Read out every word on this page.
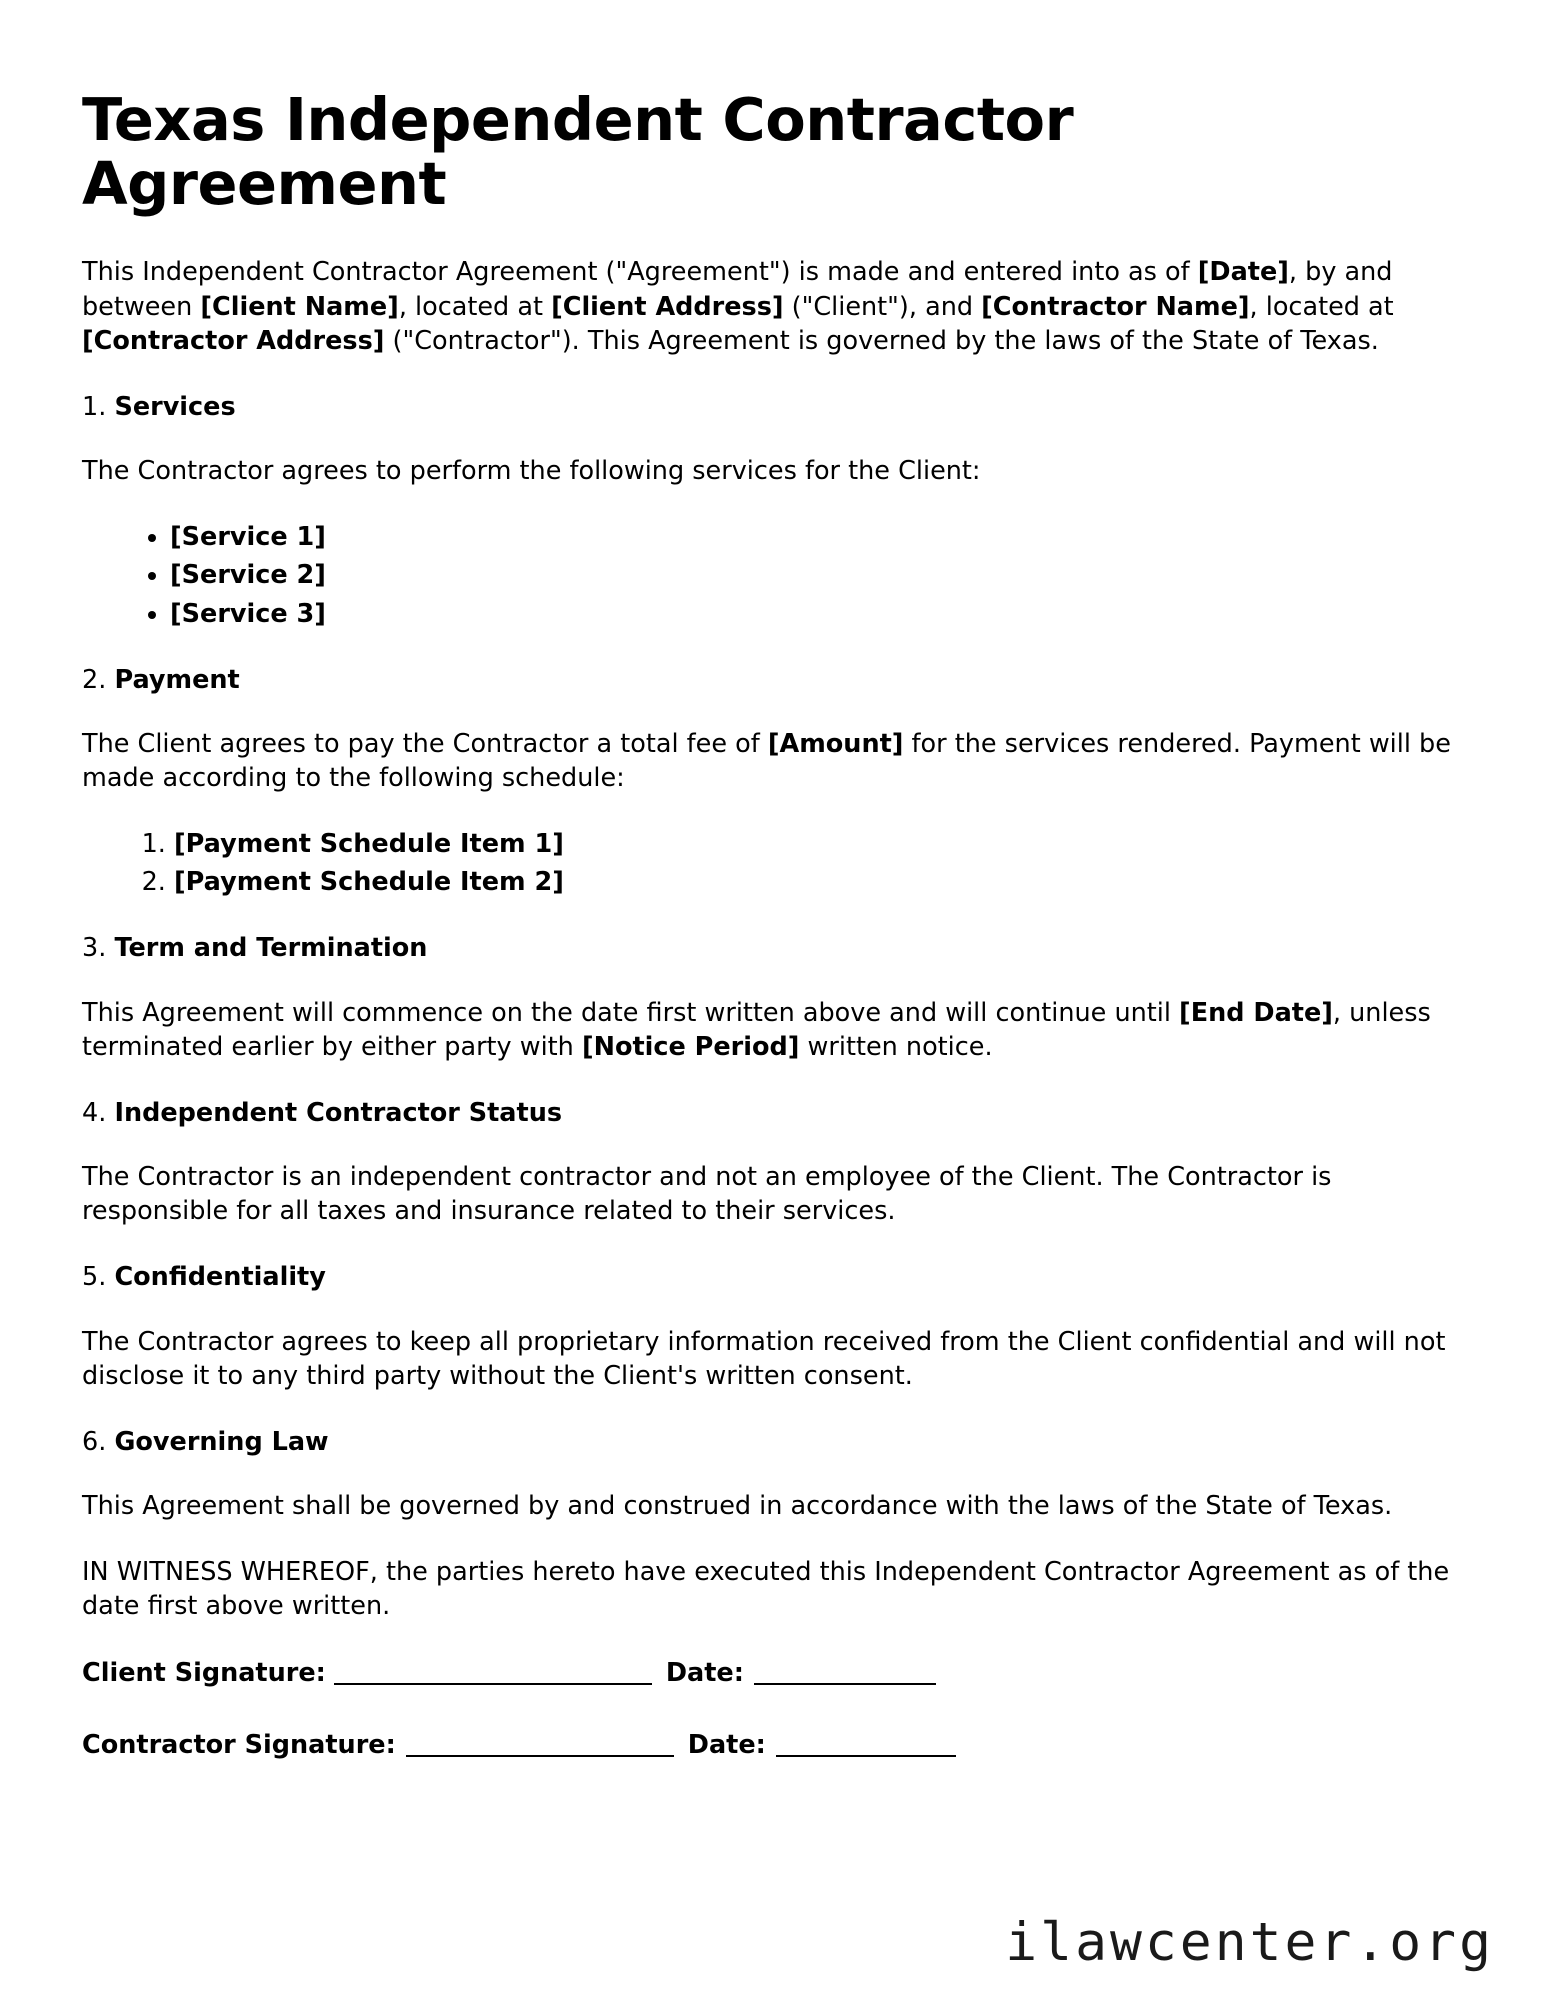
Texas Independent Contractor Agreement

This Independent Contractor Agreement ("Agreement") is made and entered into as of [Date], by and between [Client Name], located at [Client Address] ("Client"), and [Contractor Name], located at [Contractor Address] ("Contractor"). This Agreement is governed by the laws of the State of Texas.

1. Services

The Contractor agrees to perform the following services for the Client:

• [Service 1]
• [Service 2]
• [Service 3]
2. Payment

The Client agrees to pay the Contractor a total fee of [Amount] for the services rendered. Payment will be made according to the following schedule:

1. [Payment Schedule Item 1]
2. [Payment Schedule Item 2]
3. Term and Termination

This Agreement will commence on the date first written above and will continue until [End Date], unless terminated earlier by either party with [Notice Period] written notice.

4. Independent Contractor Status

The Contractor is an independent contractor and not an employee of the Client. The Contractor is responsible for all taxes and insurance related to their services.

5. Confidentiality

The Contractor agrees to keep all proprietary information received from the Client confidential and will not disclose it to any third party without the Client's written consent.

6. Governing Law

This Agreement shall be governed by and construed in accordance with the laws of the State of Texas.

IN WITNESS WHEREOF, the parties hereto have executed this Independent Contractor Agreement as of the date first above written.

Client Signature:	Date:
Contractor Signature:	Date:
ilawcenter.org
